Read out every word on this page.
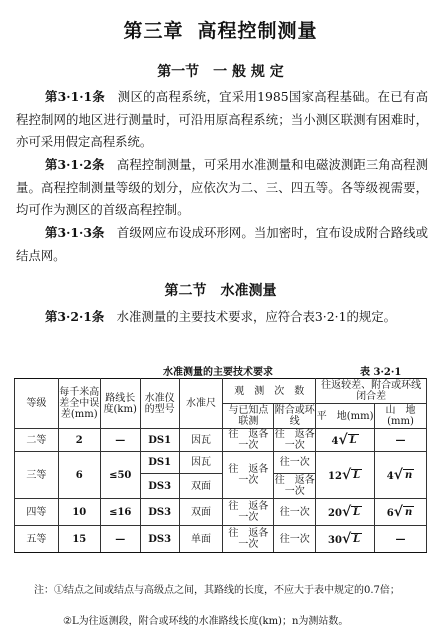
第三章 高程控制测量
第一节　一 般 规 定
第3·1·1条　 测区的高程系统，宜采用1985国家高程基础。在已有高程控制网的地区进行测量时，可沿用原高程系统；当小测区联测有困难时，亦可采用假定高程系统。
第3·1·2条　 高程控制测量，可采用水准测量和电磁波测距三角高程测量。高程控制测量等级的划分，应依次为二、三、四五等。各等级视需要，均可作为测区的首级高程控制。
第3·1·3条　 首级网应布设成环形网。当加密时，宜布设成附合路线或结点网。
第二节　水准测量
第3·2·1条　 水准测量的主要技术要求，应符合表3·2·1的规定。
水准测量的主要技术要求	表 3·2·1
等级	每千米高差全中误差(mm)	路线长度(km)	水准仪的型号	水准尺	观　测　次　数		往返较差、附合或环线闭合差	
					与已知点联测	附合或环线	平　地(mm)	山　地(mm)
二等	2	—	DS1	因瓦	往　返各一次	往　返各一次	4 √ L	—
三等	6	≤50	DS1	因瓦	往　返各一次	往一次	12 √ L	4 √ n

			DS3	双面		往　返各一次		
四等	10	≤16	DS3	双面	往　返各一次	往一次	20 √ L	6 √ n

五等	15	—	DS3	单面	往　返各一次	往一次	30 √ L	—
注：①结点之间或结点与高级点之间，其路线的长度，不应大于表中规定的0.7倍；
②L为往返测段，附合或环线的水准路线长度(km)；n为测站数。
